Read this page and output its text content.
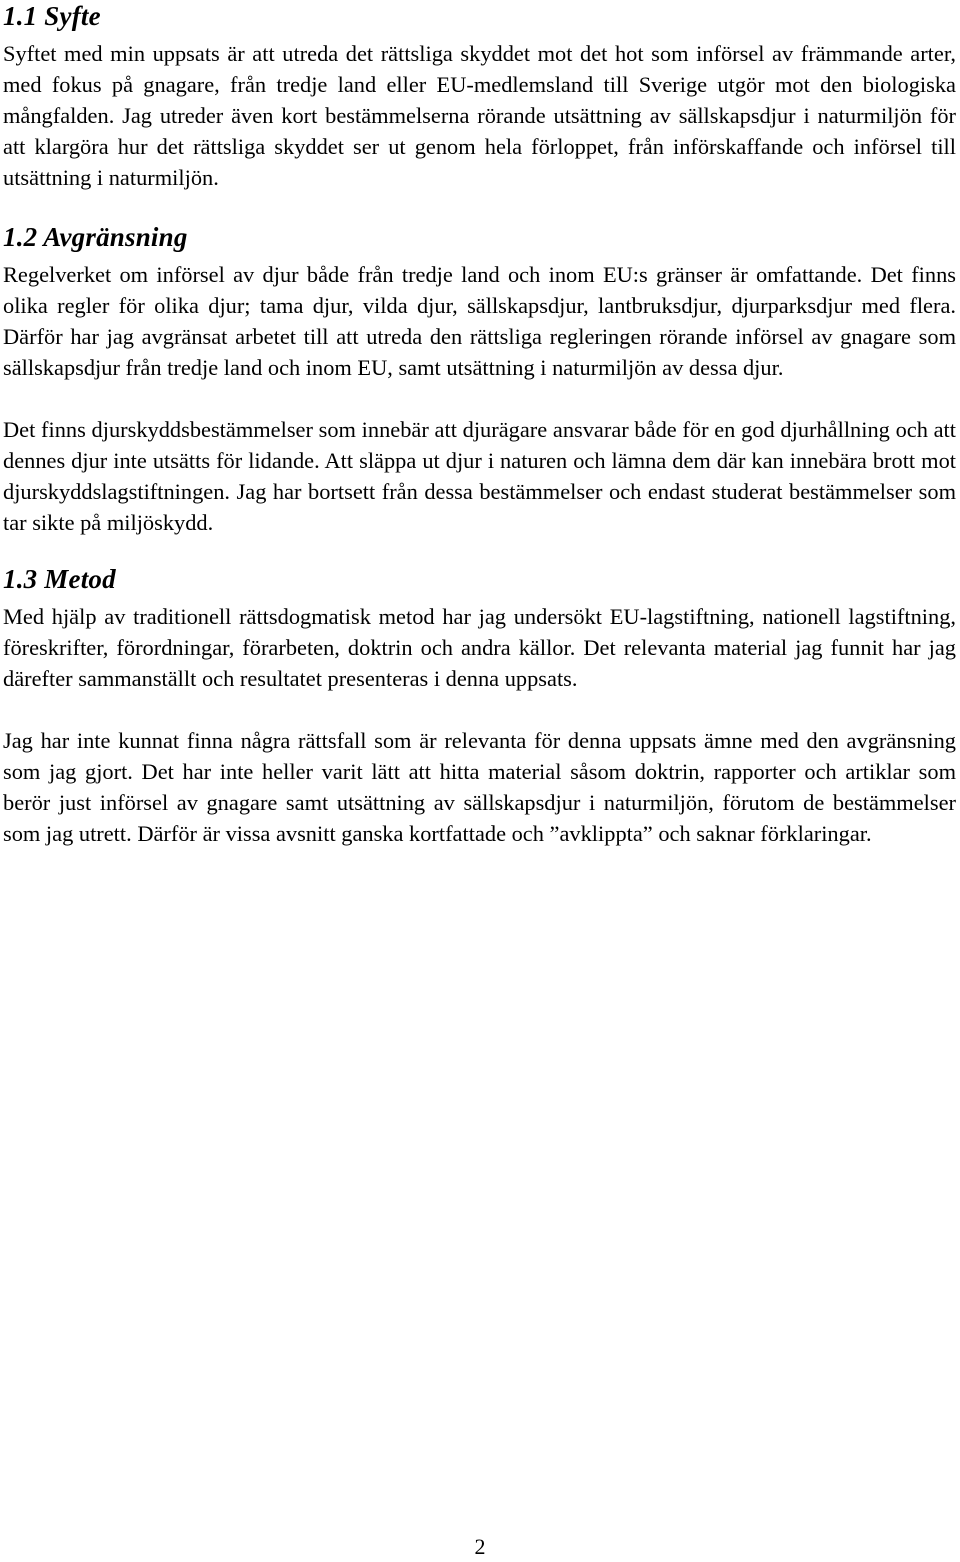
1.1 Syfte

Syftet med min uppsats är att utreda det rättsliga skyddet mot det hot som införsel av främmande arter, med fokus på gnagare, från tredje land eller EU-medlemsland till Sverige utgör mot den biologiska mångfalden. Jag utreder även kort bestämmelserna rörande utsättning av sällskapsdjur i naturmiljön för att klargöra hur det rättsliga skyddet ser ut genom hela förloppet, från införskaffande och införsel till utsättning i naturmiljön.

1.2 Avgränsning

Regelverket om införsel av djur både från tredje land och inom EU:s gränser är omfattande. Det finns olika regler för olika djur; tama djur, vilda djur, sällskapsdjur, lantbruksdjur, djurparksdjur med flera. Därför har jag avgränsat arbetet till att utreda den rättsliga regleringen rörande införsel av gnagare som sällskapsdjur från tredje land och inom EU, samt utsättning i naturmiljön av dessa djur.

Det finns djurskyddsbestämmelser som innebär att djurägare ansvarar både för en god djurhållning och att dennes djur inte utsätts för lidande. Att släppa ut djur i naturen och lämna dem där kan innebära brott mot djurskyddslagstiftningen. Jag har bortsett från dessa bestämmelser och endast studerat bestämmelser som tar sikte på miljöskydd.

1.3 Metod

Med hjälp av traditionell rättsdogmatisk metod har jag undersökt EU-lagstiftning, nationell lagstiftning, föreskrifter, förordningar, förarbeten, doktrin och andra källor. Det relevanta material jag funnit har jag därefter sammanställt och resultatet presenteras i denna uppsats.

Jag har inte kunnat finna några rättsfall som är relevanta för denna uppsats ämne med den avgränsning som jag gjort. Det har inte heller varit lätt att hitta material såsom doktrin, rapporter och artiklar som berör just införsel av gnagare samt utsättning av sällskapsdjur i naturmiljön, förutom de bestämmelser som jag utrett. Därför är vissa avsnitt ganska kortfattade och ”avklippta” och saknar förklaringar.

2
